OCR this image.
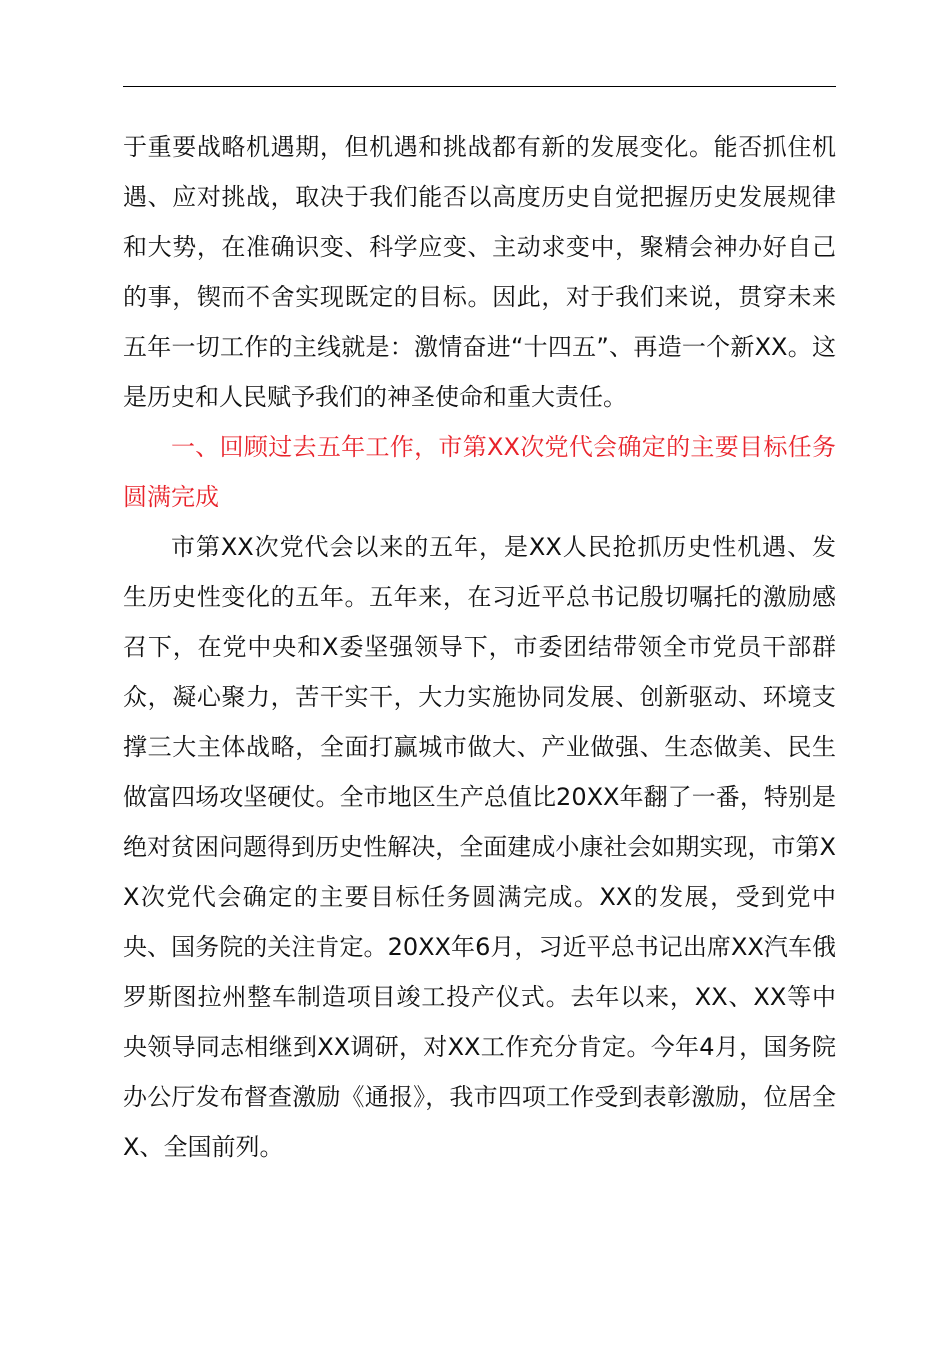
于重要战略机遇期，但机遇和挑战都有新的发展变化。能否抓住机遇、应对挑战，取决于我们能否以高度历史自觉把握历史发展规律和大势，在准确识变、科学应变、主动求变中，聚精会神办好自己的事，锲而不舍实现既定的目标。因此，对于我们来说，贯穿未来五年一切工作的主线就是：激情奋进“十四五”、再造一个新XX。这是历史和人民赋予我们的神圣使命和重大责任。

一、回顾过去五年工作，市第XX次党代会确定的主要目标任务圆满完成

市第XX次党代会以来的五年，是XX人民抢抓历史性机遇、发生历史性变化的五年。五年来，在习近平总书记殷切嘱托的激励感召下，在党中央和X委坚强领导下，市委团结带领全市党员干部群众，凝心聚力，苦干实干，大力实施协同发展、创新驱动、环境支撑三大主体战略，全面打赢城市做大、产业做强、生态做美、民生做富四场攻坚硬仗。全市地区生产总值比20XX年翻了一番，特别是绝对贫困问题得到历史性解决，全面建成小康社会如期实现，市第XX次党代会确定的主要目标任务圆满完成。XX的发展，受到党中央、国务院的关注肯定。20XX年6月，习近平总书记出席XX汽车俄罗斯图拉州整车制造项目竣工投产仪式。去年以来，XX、XX等中央领导同志相继到XX调研，对XX工作充分肯定。今年4月，国务院办公厅发布督查激励《通报》，我市四项工作受到表彰激励，位居全X、全国前列。
